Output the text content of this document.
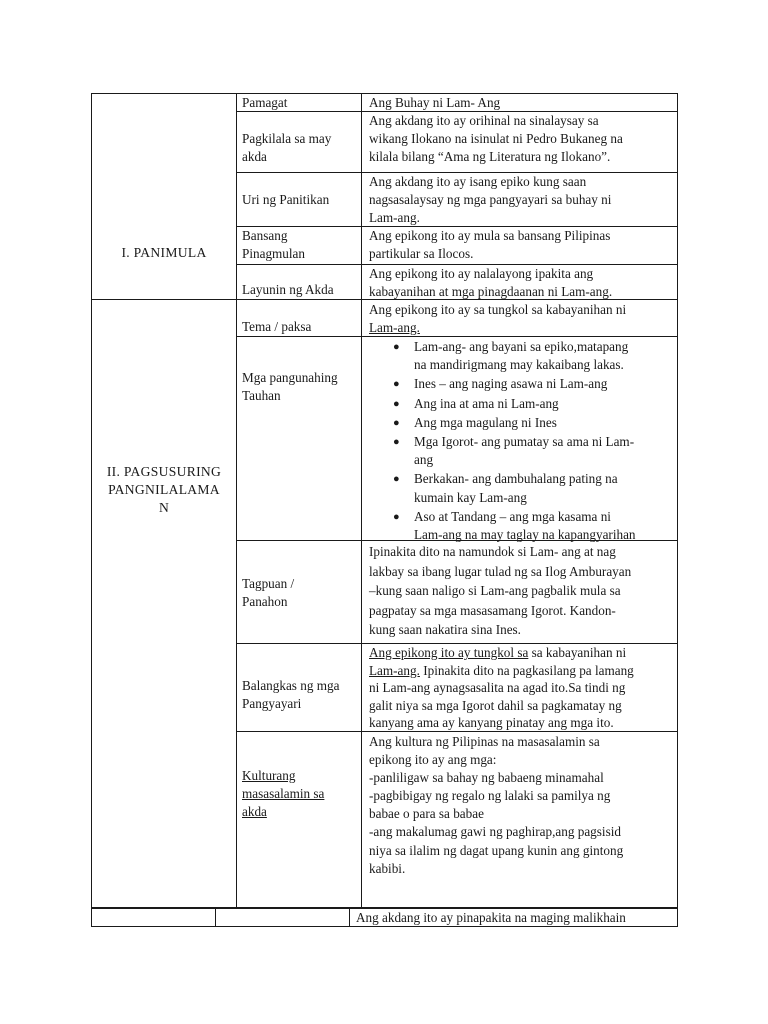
I. PANIMULA
II. PAGSUSURING
PANGNILALAMA
N
Pamagat	Ang Buhay ni Lam- Ang
Pagkilala sa may
akda
Ang akdang ito ay orihinal na sinalaysay sa
wikang Ilokano na isinulat ni Pedro Bukaneg na
kilala bilang “Ama ng Literatura ng Ilokano”.
Uri ng Panitikan
Ang akdang ito ay isang epiko kung saan
nagsasalaysay ng mga pangyayari sa buhay ni
Lam-ang.
Bansang
Pinagmulan
Ang epikong ito ay mula sa bansang Pilipinas
partikular sa Ilocos.
Layunin ng Akda
Ang epikong ito ay nalalayong ipakita ang
kabayanihan at mga pinagdaanan ni Lam-ang.
Tema / paksa
Ang epikong ito ay sa tungkol sa kabayanihan ni
Lam-ang.
Mga pangunahing
Tauhan
● Lam-ang- ang bayani sa epiko,matapang
na mandirigmang may kakaibang lakas.
● Ines – ang naging asawa ni Lam-ang
● Ang ina at ama ni Lam-ang
● Ang mga magulang ni Ines
● Mga Igorot- ang pumatay sa ama ni Lam-
ang
● Berkakan- ang dambuhalang pating na
kumain kay Lam-ang
● Aso at Tandang – ang mga kasama ni
Lam-ang na may taglay na kapangyarihan
Tagpuan /
Panahon
Ipinakita dito na namundok si Lam- ang at nag
lakbay sa ibang lugar tulad ng sa Ilog Amburayan
–kung saan naligo si Lam-ang pagbalik mula sa
pagpatay sa mga masasamang Igorot. Kandon-
kung saan nakatira sina Ines.
Balangkas ng mga
Pangyayari
Ang epikong ito ay tungkol sa sa kabayanihan ni
Lam-ang. Ipinakita dito na pagkasilang pa lamang
ni Lam-ang aynagsasalita na agad ito.Sa tindi ng
galit niya sa mga Igorot dahil sa pagkamatay ng
kanyang ama ay kanyang pinatay ang mga ito.
Kulturang
masasalamin sa
akda
Ang kultura ng Pilipinas na masasalamin sa
epikong ito ay ang mga:
-panliligaw sa bahay ng babaeng minamahal
-pagbibigay ng regalo ng lalaki sa pamilya ng
babae o para sa babae
-ang makalumag gawi ng paghirap,ang pagsisid
niya sa ilalim ng dagat upang kunin ang gintong
kabibi.
Ang akdang ito ay pinapakita na maging malikhain
